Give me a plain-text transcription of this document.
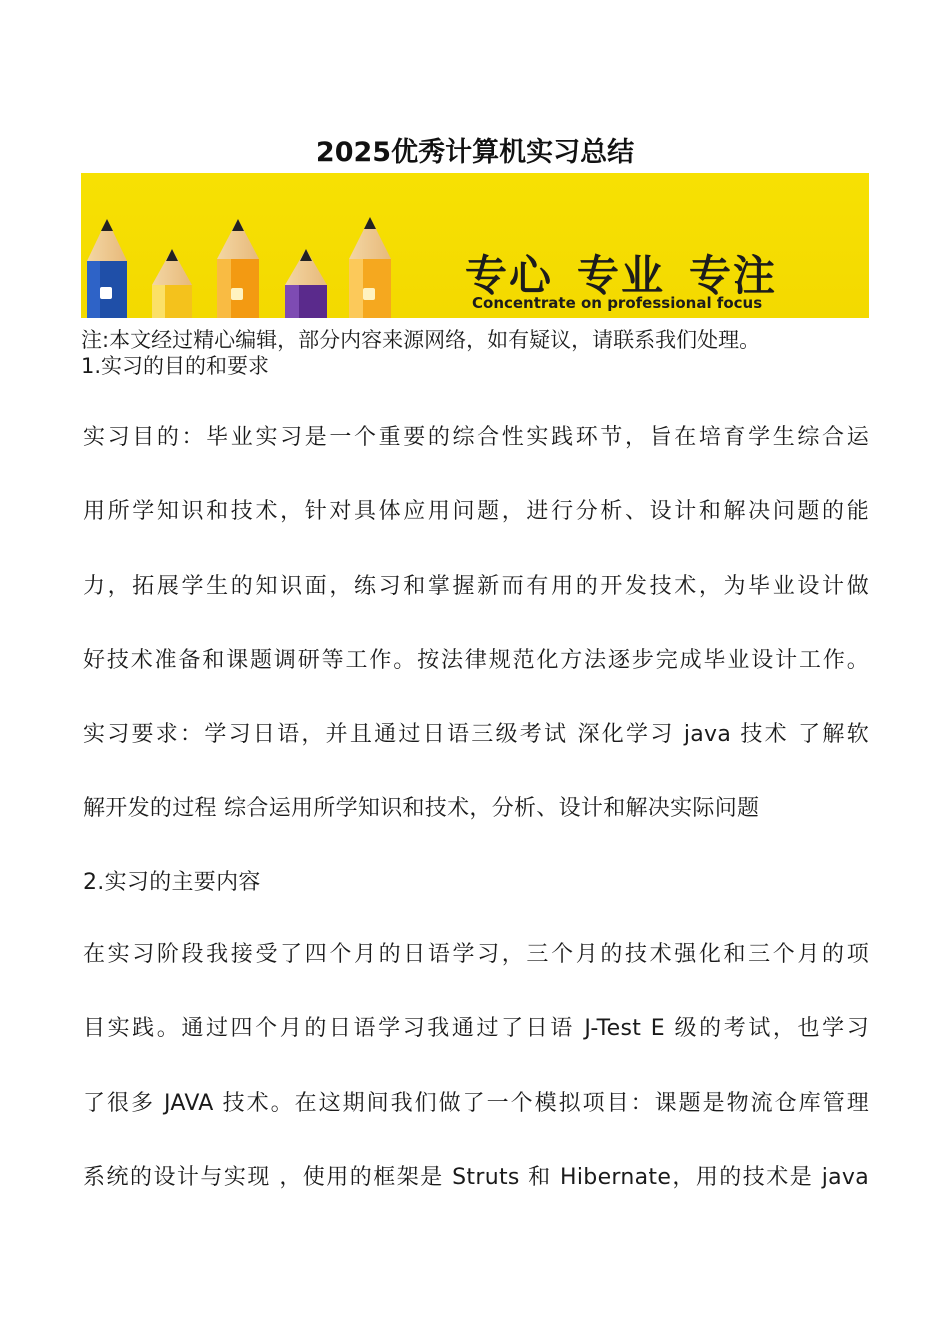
2025优秀计算机实习总结
专心 专业 专注
Concentrate on professional focus
注:本文经过精心编辑，部分内容来源网络，如有疑议，请联系我们处理。
1.实习的目的和要求
实习目的：毕业实习是一个重要的综合性实践环节，旨在培育学生综合运
用所学知识和技术，针对具体应用问题，进行分析、设计和解决问题的能
力，拓展学生的知识面，练习和掌握新而有用的开发技术，为毕业设计做
好技术准备和课题调研等工作。按法律规范化方法逐步完成毕业设计工作。
实习要求：学习日语，并且通过日语三级考试 深化学习 java 技术 了解软
解开发的过程 综合运用所学知识和技术，分析、设计和解决实际问题
2.实习的主要内容
在实习阶段我接受了四个月的日语学习，三个月的技术强化和三个月的项
目实践。通过四个月的日语学习我通过了日语 J-Test E 级的考试，也学习
了很多 JAVA 技术。在这期间我们做了一个模拟项目：课题是物流仓库管理
系统的设计与实现 ，使用的框架是 Struts 和 Hibernate，用的技术是 java
